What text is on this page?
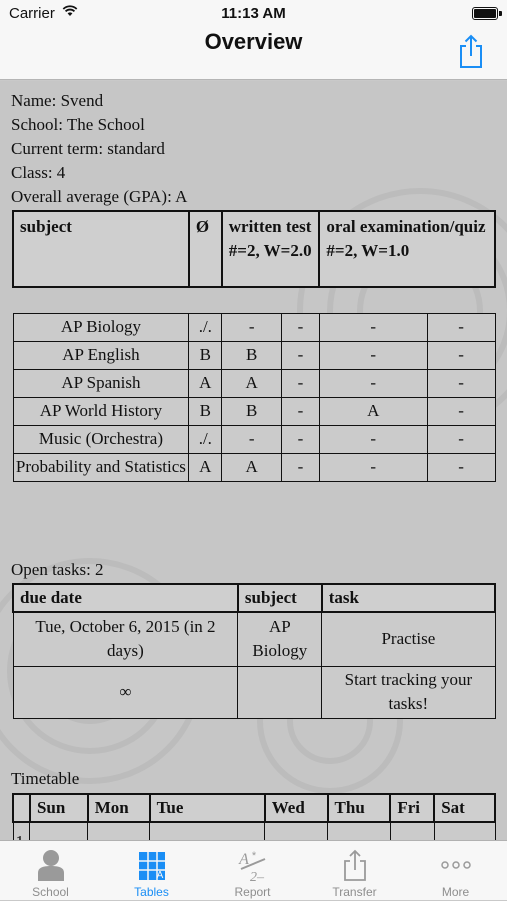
Carrier	11:13 AM
Overview
Name: Svend
School: The School
Current term: standard
Class: 4
Overall average (GPA): A
subject	Ø	written test #=2, W=2.0		oral examination/quiz #=2, W=1.0	

AP Biology	./.	-	-	-	-
AP English	B	B	-	-	-
AP Spanish	A	A	-	-	-
AP World History	B	B	-	A	-
Music (Orchestra)	./.	-	-	-	-
Probability and Statistics	A	A	-	-	-
Open tasks: 2
due date	subject	task
Tue, October 6, 2015 (in 2 days)	AP Biology	Practise
∞		Start tracking your tasks!
Timetable
	Sun	Mon	Tue	Wed	Thu	Fri	Sat

School
A
Tables
A *
2–
Report	Transfer	More
